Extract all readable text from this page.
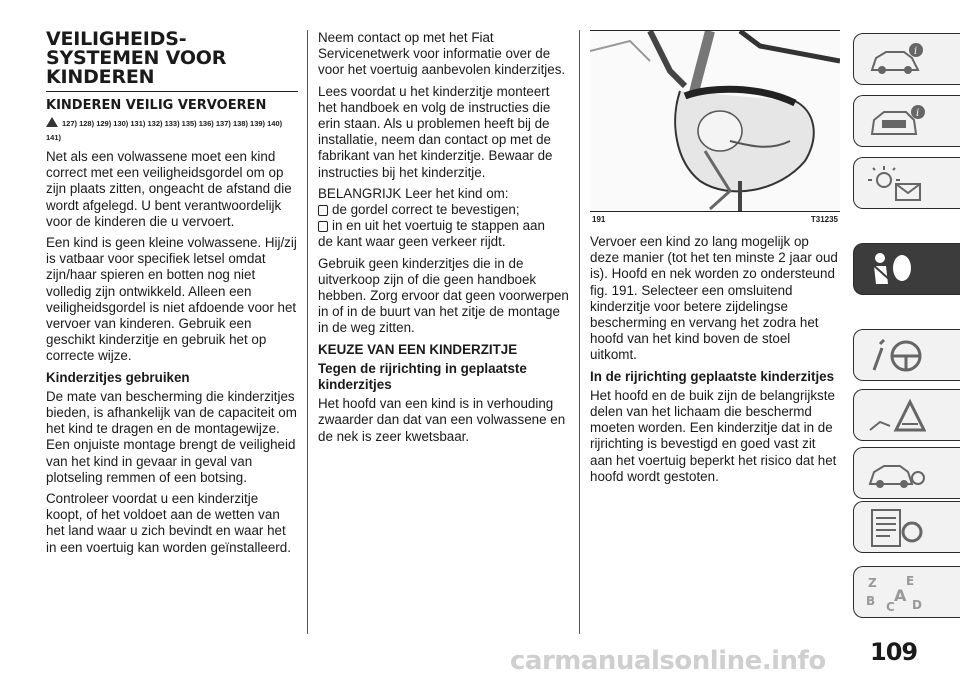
VEILIGHEIDS-SYSTEMEN VOOR KINDEREN
KINDEREN VEILIG VERVOEREN
127) 128) 129) 130) 131) 132) 133) 135) 136) 137) 138) 139) 140) 141)

Net als een volwassene moet een kind correct met een veiligheidsgordel om op zijn plaats zitten, ongeacht de afstand die wordt afgelegd. U bent verantwoordelijk voor de kinderen die u vervoert.

Een kind is geen kleine volwassene. Hij/zij is vatbaar voor specifiek letsel omdat zijn/haar spieren en botten nog niet volledig zijn ontwikkeld. Alleen een veiligheidsgordel is niet afdoende voor het vervoer van kinderen. Gebruik een geschikt kinderzitje en gebruik het op correcte wijze.

Kinderzitjes gebruiken

De mate van bescherming die kinderzitjes bieden, is afhankelijk van de capaciteit om het kind te dragen en de montagewijze. Een onjuiste montage brengt de veiligheid van het kind in gevaar in geval van plotseling remmen of een botsing.

Controleer voordat u een kinderzitje koopt, of het voldoet aan de wetten van het land waar u zich bevindt en waar het in een voertuig kan worden geïnstalleerd.

Neem contact op met het Fiat Servicenetwerk voor informatie over de voor het voertuig aanbevolen kinderzitjes.

Lees voordat u het kinderzitje monteert het handboek en volg de instructies die erin staan. Als u problemen heeft bij de installatie, neem dan contact op met de fabrikant van het kinderzitje. Bewaar de instructies bij het kinderzitje.

BELANGRIJK Leer het kind om:

de gordel correct te bevestigen;
in en uit het voertuig te stappen aan

de kant waar geen verkeer rijdt.

Gebruik geen kinderzitjes die in de uitverkoop zijn of die geen handboek hebben. Zorg ervoor dat geen voorwerpen in of in de buurt van het zitje de montage in de weg zitten.

KEUZE VAN EEN KINDERZITJE
Tegen de rijrichting in geplaatste kinderzitjes

Het hoofd van een kind is in verhouding zwaarder dan dat van een volwassene en de nek is zeer kwetsbaar.

191	T31235

Vervoer een kind zo lang mogelijk op deze manier (tot het ten minste 2 jaar oud is). Hoofd en nek worden zo ondersteund fig. 191. Selecteer een omsluitend kinderzitje voor betere zijdelingse bescherming en vervang het zodra het hoofd van het kind boven de stoel uitkomt.

In de rijrichting geplaatste kinderzitjes

Het hoofd en de buik zijn de belangrijkste delen van het lichaam die beschermd moeten worden. Een kinderzitje dat in de rijrichting is bevestigd en goed vast zit aan het voertuig beperkt het risico dat het hoofd wordt gestoten.

i
i
Z E
B C
A D
109
carmanualsonline.info
